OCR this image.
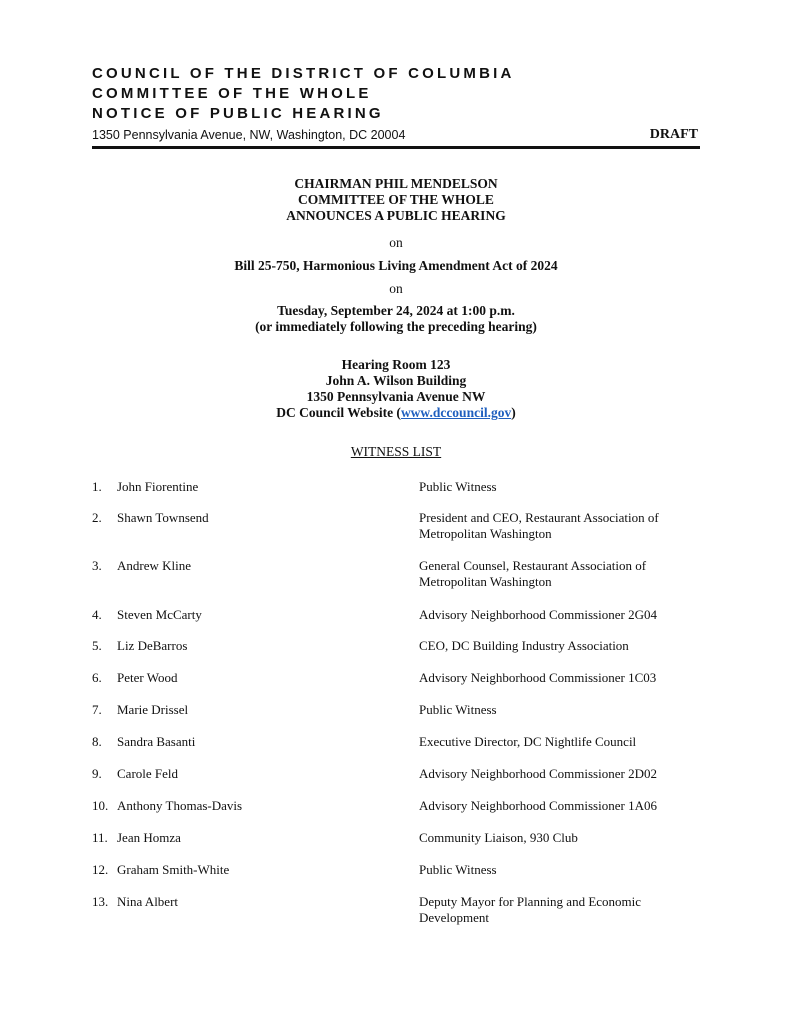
COUNCIL OF THE DISTRICT OF COLUMBIA
COMMITTEE OF THE WHOLE
NOTICE OF PUBLIC HEARING
1350 Pennsylvania Avenue, NW, Washington, DC 20004	DRAFT
CHAIRMAN PHIL MENDELSON
COMMITTEE OF THE WHOLE
ANNOUNCES A PUBLIC HEARING
on
Bill 25-750, Harmonious Living Amendment Act of 2024
on
Tuesday, September 24, 2024 at 1:00 p.m.
(or immediately following the preceding hearing)
Hearing Room 123
John A. Wilson Building
1350 Pennsylvania Avenue NW
DC Council Website (www.dccouncil.gov)
WITNESS LIST
1.	John Fiorentine	Public Witness
2.	Shawn Townsend	President and CEO, Restaurant Association of Metropolitan Washington
3.	Andrew Kline	General Counsel, Restaurant Association of Metropolitan Washington
4.	Steven McCarty	Advisory Neighborhood Commissioner 2G04
5.	Liz DeBarros	CEO, DC Building Industry Association
6.	Peter Wood	Advisory Neighborhood Commissioner 1C03
7.	Marie Drissel	Public Witness
8.	Sandra Basanti	Executive Director, DC Nightlife Council
9.	Carole Feld	Advisory Neighborhood Commissioner 2D02
10. Anthony Thomas-Davis	Advisory Neighborhood Commissioner 1A06
11. Jean Homza	Community Liaison, 930 Club
12. Graham Smith-White	Public Witness
13. Nina Albert	Deputy Mayor for Planning and Economic Development
